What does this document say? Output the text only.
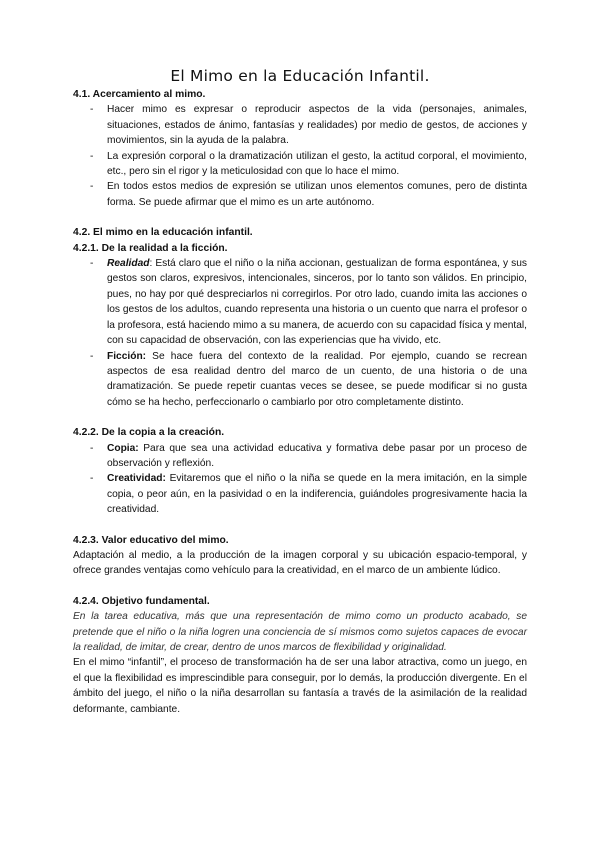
El Mimo en la Educación Infantil.
4.1. Acercamiento al mimo.
- Hacer mimo es expresar o reproducir aspectos de la vida (personajes, animales, situaciones, estados de ánimo, fantasías y realidades) por medio de gestos, de acciones y movimientos, sin la ayuda de la palabra.
- La expresión corporal o la dramatización utilizan el gesto, la actitud corporal, el movimiento, etc., pero sin el rigor y la meticulosidad con que lo hace el mimo.
- En todos estos medios de expresión se utilizan unos elementos comunes, pero de distinta forma. Se puede afirmar que el mimo es un arte autónomo.
4.2. El mimo en la educación infantil.
4.2.1. De la realidad a la ficción.
- Realidad: Está claro que el niño o la niña accionan, gestualizan de forma espontánea, y sus gestos son claros, expresivos, intencionales, sinceros, por lo tanto son válidos. En principio, pues, no hay por qué despreciarlos ni corregirlos. Por otro lado, cuando imita las acciones o los gestos de los adultos, cuando representa una historia o un cuento que narra el profesor o la profesora, está haciendo mimo a su manera, de acuerdo con su capacidad física y mental, con su capacidad de observación, con las experiencias que ha vivido, etc.
- Ficción: Se hace fuera del contexto de la realidad. Por ejemplo, cuando se recrean aspectos de esa realidad dentro del marco de un cuento, de una historia o de una dramatización. Se puede repetir cuantas veces se desee, se puede modificar si no gusta cómo se ha hecho, perfeccionarlo o cambiarlo por otro completamente distinto.
4.2.2. De la copia a la creación.
- Copia: Para que sea una actividad educativa y formativa debe pasar por un proceso de observación y reflexión.
- Creatividad: Evitaremos que el niño o la niña se quede en la mera imitación, en la simple copia, o peor aún, en la pasividad o en la indiferencia, guiándoles progresivamente hacia la creatividad.
4.2.3. Valor educativo del mimo.

Adaptación al medio, a la producción de la imagen corporal y su ubicación espacio-temporal, y ofrece grandes ventajas como vehículo para la creatividad, en el marco de un ambiente lúdico.

4.2.4. Objetivo fundamental.

En la tarea educativa, más que una representación de mimo como un producto acabado, se pretende que el niño o la niña logren una conciencia de sí mismos como sujetos capaces de evocar la realidad, de imitar, de crear, dentro de unos marcos de flexibilidad y originalidad.

En el mimo “infantil”, el proceso de transformación ha de ser una labor atractiva, como un juego, en el que la flexibilidad es imprescindible para conseguir, por lo demás, la producción divergente. En el ámbito del juego, el niño o la niña desarrollan su fantasía a través de la asimilación de la realidad deformante, cambiante.
